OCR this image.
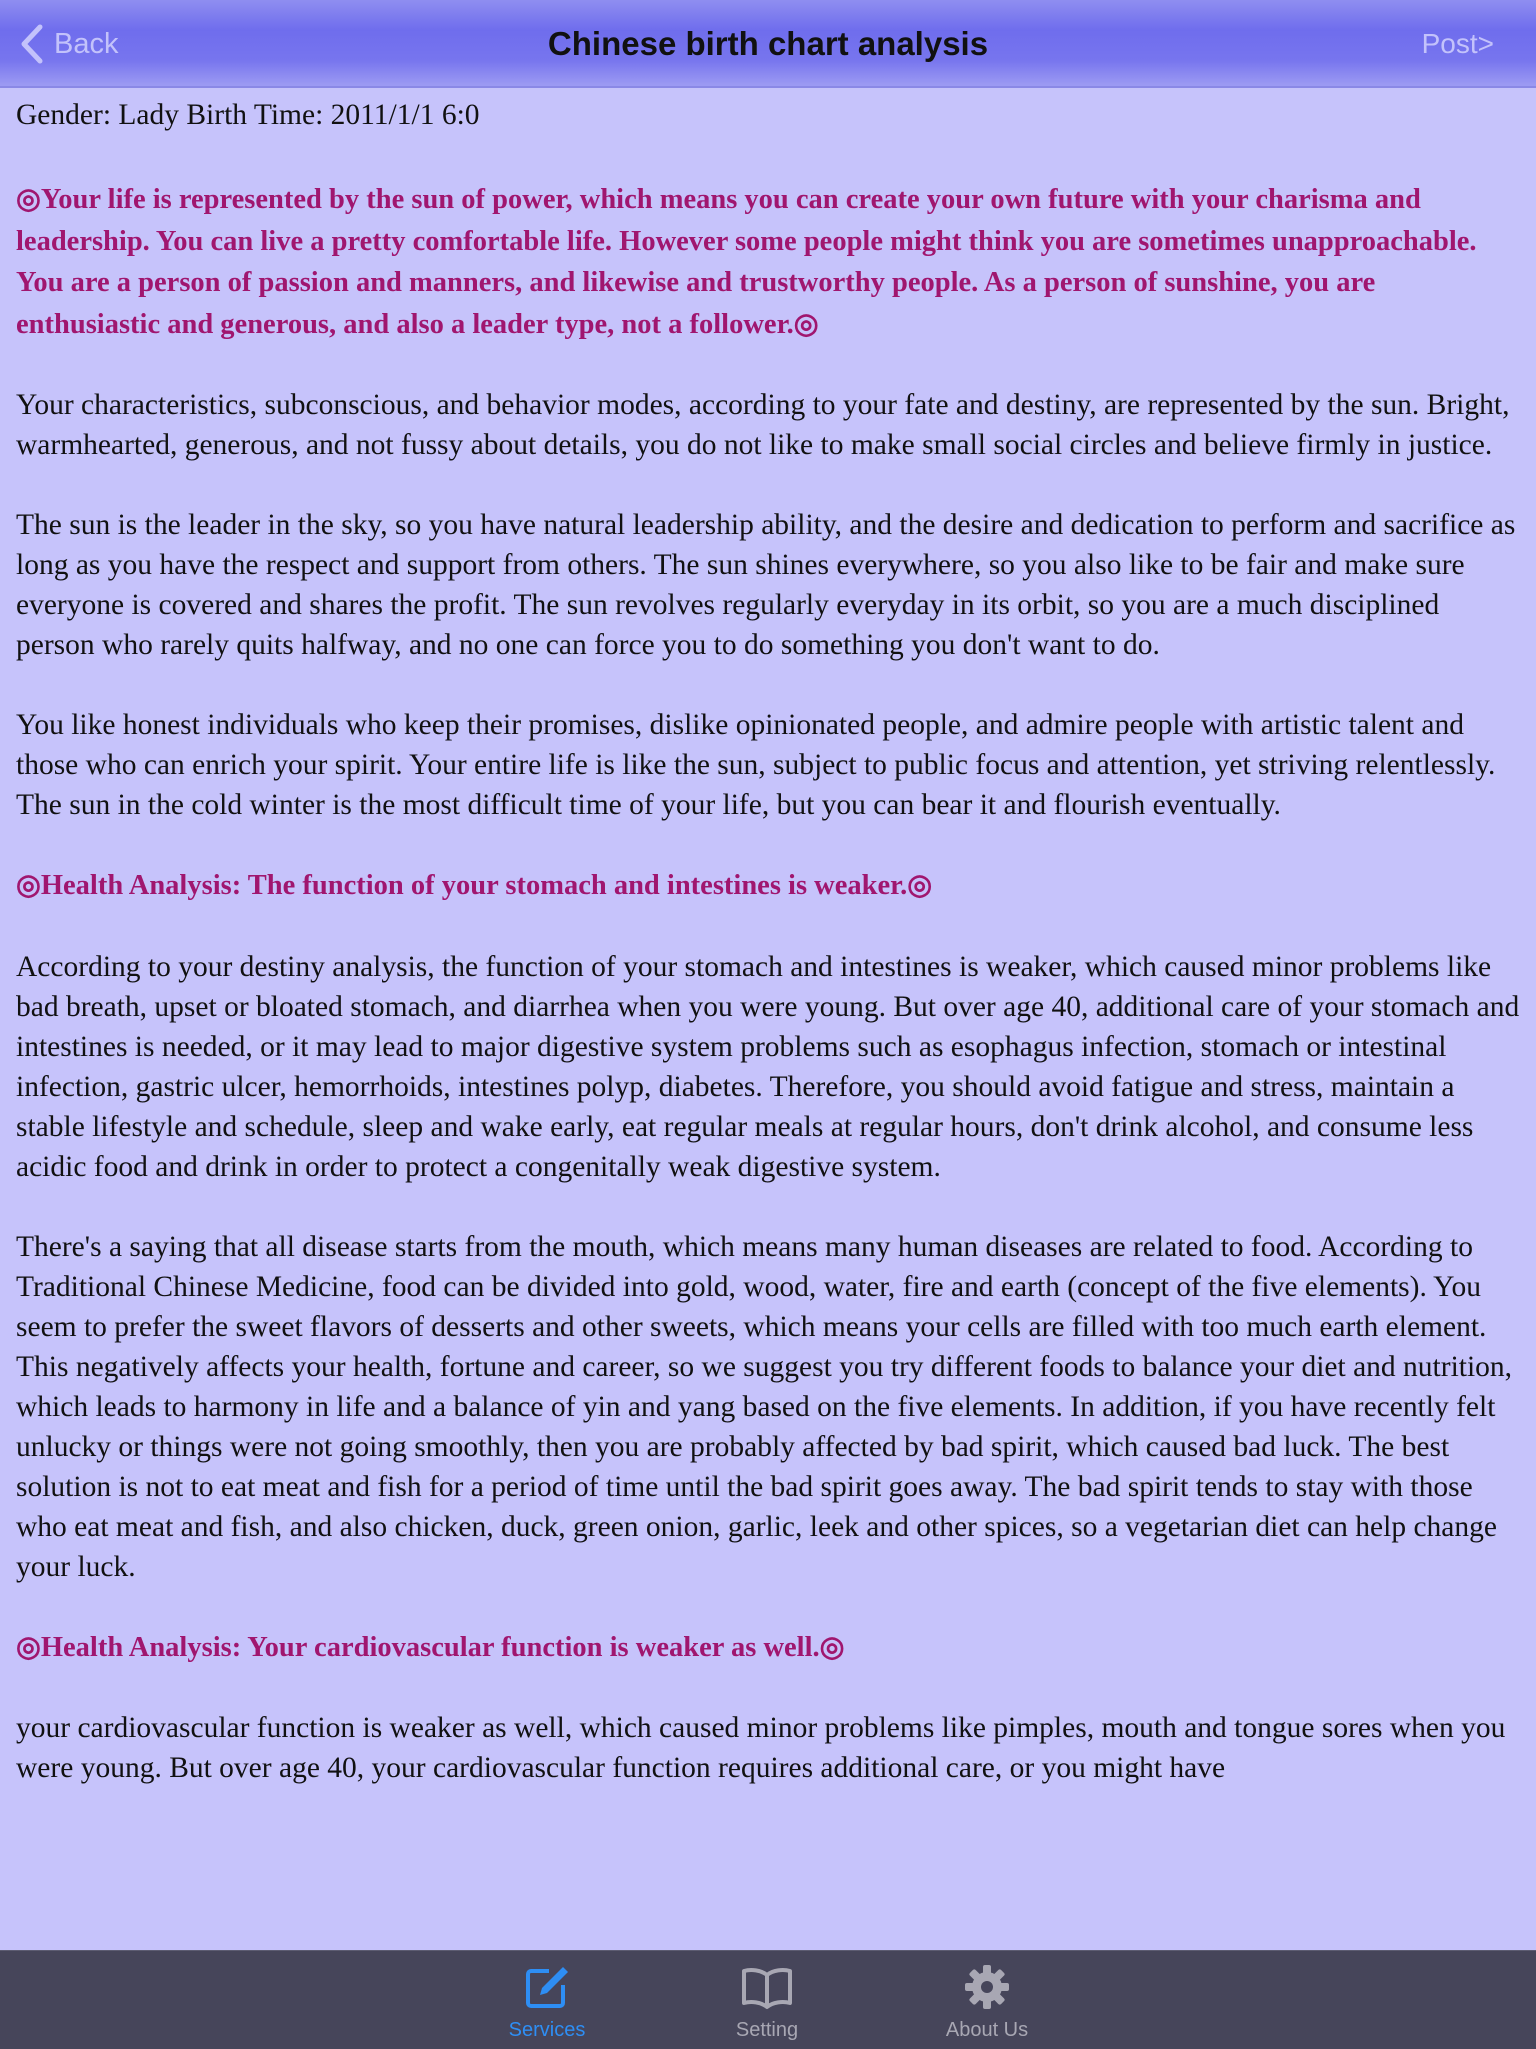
Back	Chinese birth chart analysis	Post>

Gender: Lady Birth Time: 2011/1/1 6:0

◎Your life is represented by the sun of power, which means you can create your own future with your charisma and leadership. You can live a pretty comfortable life. However some people might think you are sometimes unapproachable. You are a person of passion and manners, and likewise and trustworthy people. As a person of sunshine, you are enthusiastic and generous, and also a leader type, not a follower.◎

Your characteristics, subconscious, and behavior modes, according to your fate and destiny, are represented by the sun. Bright, warmhearted, generous, and not fussy about details, you do not like to make small social circles and believe firmly in justice.

The sun is the leader in the sky, so you have natural leadership ability, and the desire and dedication to perform and sacrifice as long as you have the respect and support from others. The sun shines everywhere, so you also like to be fair and make sure everyone is covered and shares the profit. The sun revolves regularly everyday in its orbit, so you are a much disciplined person who rarely quits halfway, and no one can force you to do something you don't want to do.

You like honest individuals who keep their promises, dislike opinionated people, and admire people with artistic talent and those who can enrich your spirit. Your entire life is like the sun, subject to public focus and attention, yet striving relentlessly. The sun in the cold winter is the most difficult time of your life, but you can bear it and flourish eventually.

◎Health Analysis: The function of your stomach and intestines is weaker.◎

According to your destiny analysis, the function of your stomach and intestines is weaker, which caused minor problems like bad breath, upset or bloated stomach, and diarrhea when you were young. But over age 40, additional care of your stomach and intestines is needed, or it may lead to major digestive system problems such as esophagus infection, stomach or intestinal infection, gastric ulcer, hemorrhoids, intestines polyp, diabetes. Therefore, you should avoid fatigue and stress, maintain a stable lifestyle and schedule, sleep and wake early, eat regular meals at regular hours, don't drink alcohol, and consume less acidic food and drink in order to protect a congenitally weak digestive system.

There's a saying that all disease starts from the mouth, which means many human diseases are related to food. According to Traditional Chinese Medicine, food can be divided into gold, wood, water, fire and earth (concept of the five elements). You seem to prefer the sweet flavors of desserts and other sweets, which means your cells are filled with too much earth element. This negatively affects your health, fortune and career, so we suggest you try different foods to balance your diet and nutrition, which leads to harmony in life and a balance of yin and yang based on the five elements. In addition, if you have recently felt unlucky or things were not going smoothly, then you are probably affected by bad spirit, which caused bad luck. The best solution is not to eat meat and fish for a period of time until the bad spirit goes away. The bad spirit tends to stay with those who eat meat and fish, and also chicken, duck, green onion, garlic, leek and other spices, so a vegetarian diet can help change your luck.

◎Health Analysis: Your cardiovascular function is weaker as well.◎

your cardiovascular function is weaker as well, which caused minor problems like pimples, mouth and tongue sores when you were young. But over age 40, your cardiovascular function requires additional care, or you might have

Services	Setting	About Us
